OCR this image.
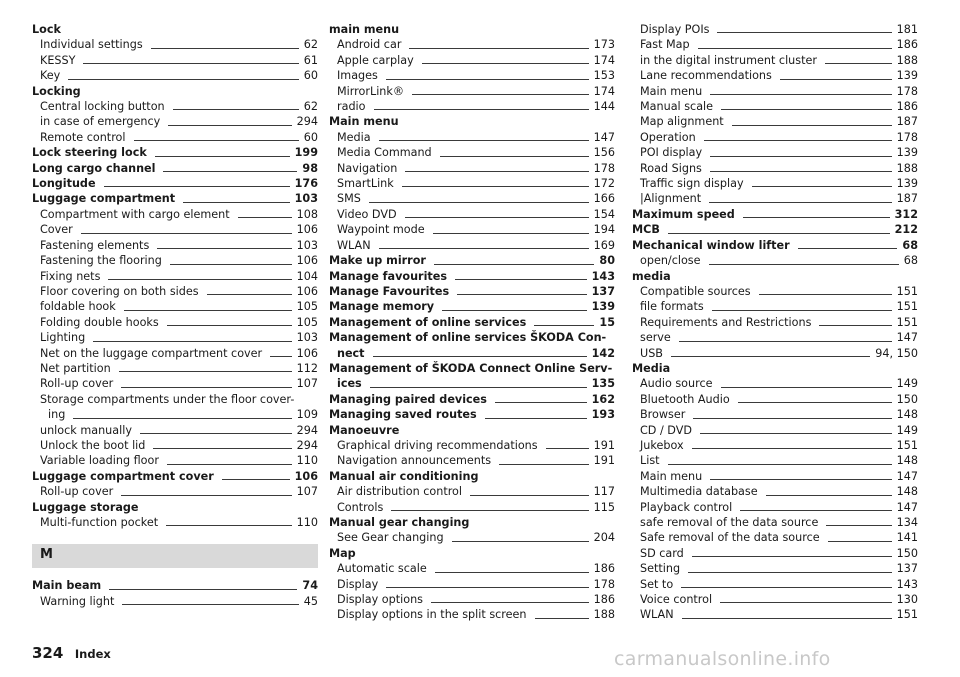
Lock
Individual settings	62
KESSY	61
Key	60
Locking
Central locking button	62
in case of emergency	294
Remote control	60
Lock steering lock	199
Long cargo channel	98
Longitude	176
Luggage compartment	103
Compartment with cargo element	108
Cover	106
Fastening elements	103
Fastening the flooring	106
Fixing nets	104
Floor covering on both sides	106
foldable hook	105
Folding double hooks	105
Lighting	103
Net on the luggage compartment cover	106
Net partition	112
Roll-up cover	107
Storage compartments under the floor cover-
ing	109
unlock manually	294
Unlock the boot lid	294
Variable loading floor	110
Luggage compartment cover	106
Roll-up cover	107
Luggage storage
Multi-function pocket	110
M
Main beam	74
Warning light	45
main menu
Android car	173
Apple carplay	174
Images	153
MirrorLink®	174
radio	144
Main menu
Media	147
Media Command	156
Navigation	178
SmartLink	172
SMS	166
Video DVD	154
Waypoint mode	194
WLAN	169
Make up mirror	80
Manage favourites	143
Manage Favourites	137
Manage memory	139
Management of online services	15
Management of online services ŠKODA Con-
nect	142
Management of ŠKODA Connect Online Serv-
ices	135
Managing paired devices	162
Managing saved routes	193
Manoeuvre
Graphical driving recommendations	191
Navigation announcements	191
Manual air conditioning
Air distribution control	117
Controls	115
Manual gear changing
See Gear changing	204
Map
Automatic scale	186
Display	178
Display options	186
Display options in the split screen	188
Display POIs	181
Fast Map	186
in the digital instrument cluster	188
Lane recommendations	139
Main menu	178
Manual scale	186
Map alignment	187
Operation	178
POI display	139
Road Signs	188
Traffic sign display	139
|Alignment	187
Maximum speed	312
MCB	212
Mechanical window lifter	68
open/close	68
media
Compatible sources	151
file formats	151
Requirements and Restrictions	151
serve	147
USB	94, 150
Media
Audio source	149
Bluetooth Audio	150
Browser	148
CD / DVD	149
Jukebox	151
List	148
Main menu	147
Multimedia database	148
Playback control	147
safe removal of the data source	134
Safe removal of the data source	141
SD card	150
Setting	137
Set to	143
Voice control	130
WLAN	151
324 Index	carmanualsonline.info
